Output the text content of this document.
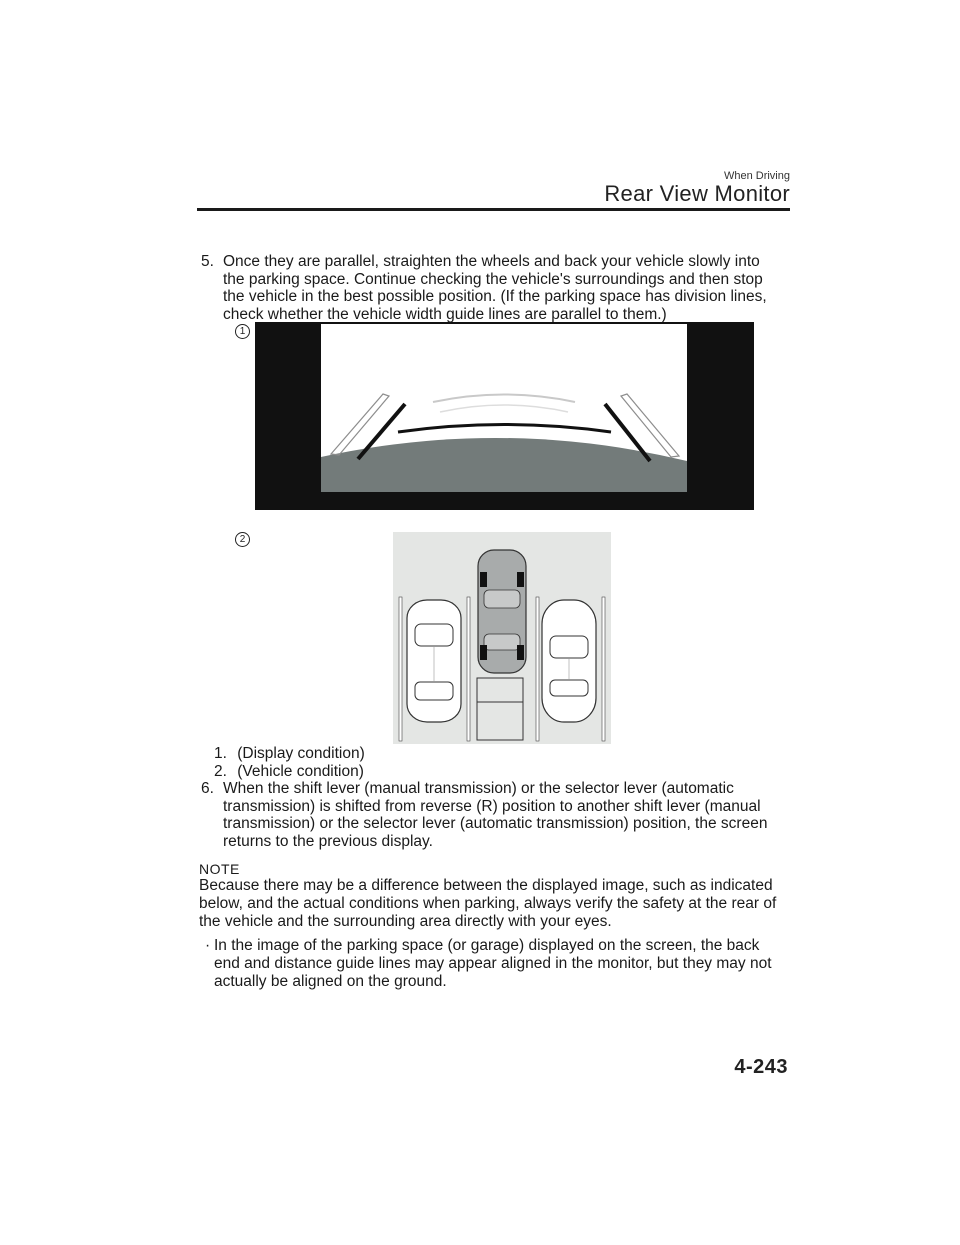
When Driving
Rear View Monitor
5. Once they are parallel, straighten the wheels and back your vehicle slowly into
the parking space. Continue checking the vehicle's surroundings and then stop
the vehicle in the best possible position. (If the parking space has division lines,
check whether the vehicle width guide lines are parallel to them.)
1
2
1. (Display condition)
2. (Vehicle condition)
6. When the shift lever (manual transmission) or the selector lever (automatic
transmission) is shifted from reverse (R) position to another shift lever (manual
transmission) or the selector lever (automatic transmission) position, the screen
returns to the previous display.
NOTE
Because there may be a difference between the displayed image, such as indicated
below, and the actual conditions when parking, always verify the safety at the rear of
the vehicle and the surrounding area directly with your eyes.
· In the image of the parking space (or garage) displayed on the screen, the back
end and distance guide lines may appear aligned in the monitor, but they may not
actually be aligned on the ground.
4-243
